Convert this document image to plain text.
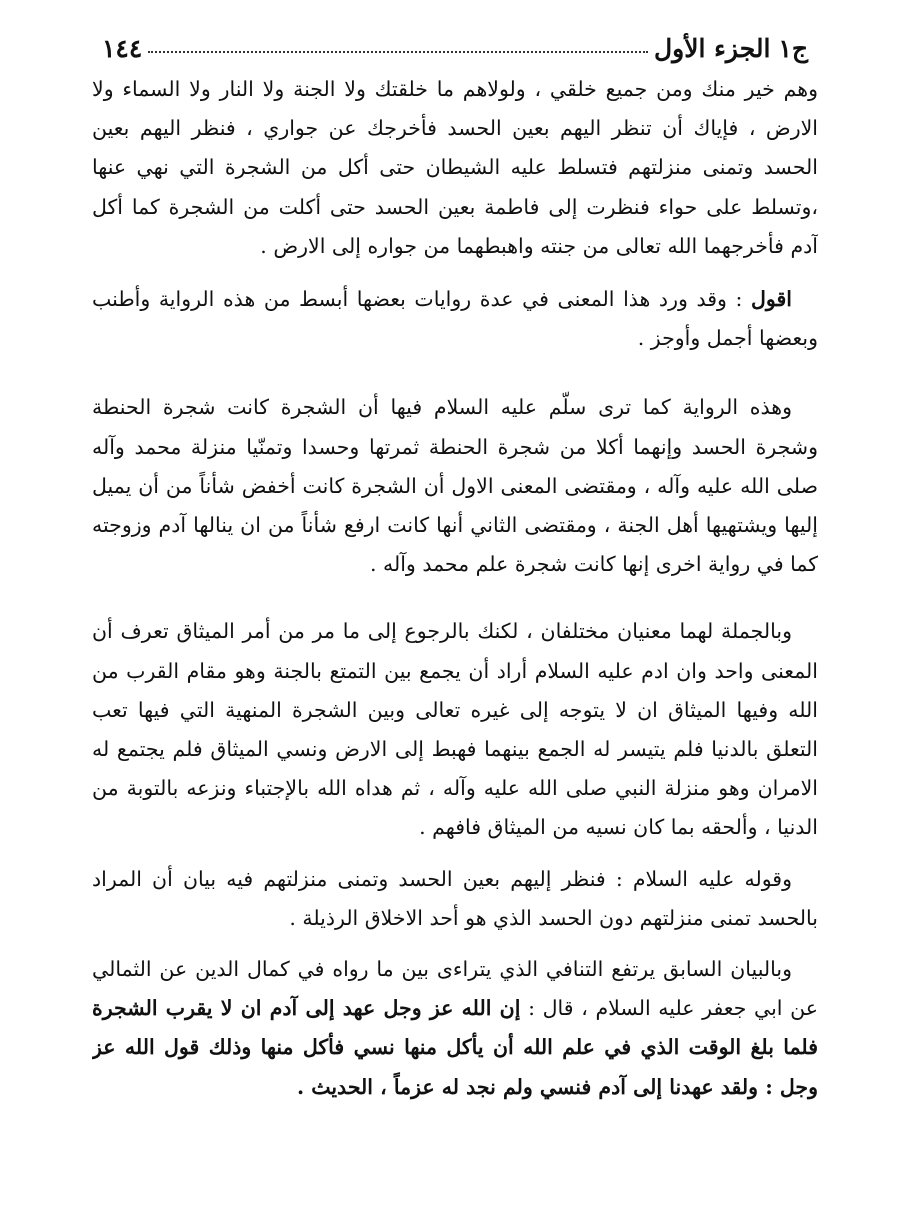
ج١الجزء الأول
١٤٤

وهم خير منك ومن جميع خلقي ، ولولاهم ما خلقتك ولا الجنة ولا النار ولا السماء ولا الارض ، فإياك أن تنظر اليهم بعين الحسد فأخرجك عن جواري ، فنظر اليهم بعين الحسد وتمنى منزلتهم فتسلط عليه الشيطان حتى أكل من الشجرة التي نهي عنها ،وتسلط على حواء فنظرت إلى فاطمة بعين الحسد حتى أكلت من الشجرة كما أكل آدم فأخرجهما الله تعالى من جنته واهبطهما من جواره إلى الارض .

اقول : وقد ورد هذا المعنى في عدة روايات بعضها أبسط من هذه الرواية وأطنب وبعضها أجمل وأوجز .

وهذه الرواية كما ترى سلّم عليه السلام فيها أن الشجرة كانت شجرة الحنطة وشجرة الحسد وإنهما أكلا من شجرة الحنطة ثمرتها وحسدا وتمنّيا منزلة محمد وآله صلى الله عليه وآله ، ومقتضى المعنى الاول أن الشجرة كانت أخفض شأناً من أن يميل إليها ويشتهيها أهل الجنة ، ومقتضى الثاني أنها كانت ارفع شأناً من ان ينالها آدم وزوجته كما في رواية اخرى إنها كانت شجرة علم محمد وآله .

وبالجملة لهما معنيان مختلفان ، لكنك بالرجوع إلى ما مر من أمر الميثاق تعرف أن المعنى واحد وان ادم عليه السلام أراد أن يجمع بين التمتع بالجنة وهو مقام القرب من الله وفيها الميثاق ان لا يتوجه إلى غيره تعالى وبين الشجرة المنهية التي فيها تعب التعلق بالدنيا فلم يتيسر له الجمع بينهما فهبط إلى الارض ونسي الميثاق فلم يجتمع له الامران وهو منزلة النبي صلى الله عليه وآله ، ثم هداه الله بالإجتباء ونزعه بالتوبة من الدنيا ، وألحقه بما كان نسيه من الميثاق فافهم .

وقوله عليه السلام : فنظر إليهم بعين الحسد وتمنى منزلتهم فيه بيان أن المراد بالحسد تمنى منزلتهم دون الحسد الذي هو أحد الاخلاق الرذيلة .

وبالبيان السابق يرتفع التنافي الذي يتراءى بين ما رواه في كمال الدين عن الثمالي عن ابي جعفر عليه السلام ، قال : إن الله عز وجل عهد إلى آدم ان لا يقرب الشجرة فلما بلغ الوقت الذي في علم الله أن يأكل منها نسي فأكل منها وذلك قول الله عز وجل : ولقد عهدنا إلى آدم فنسي ولم نجد له عزماً ، الحديث .
